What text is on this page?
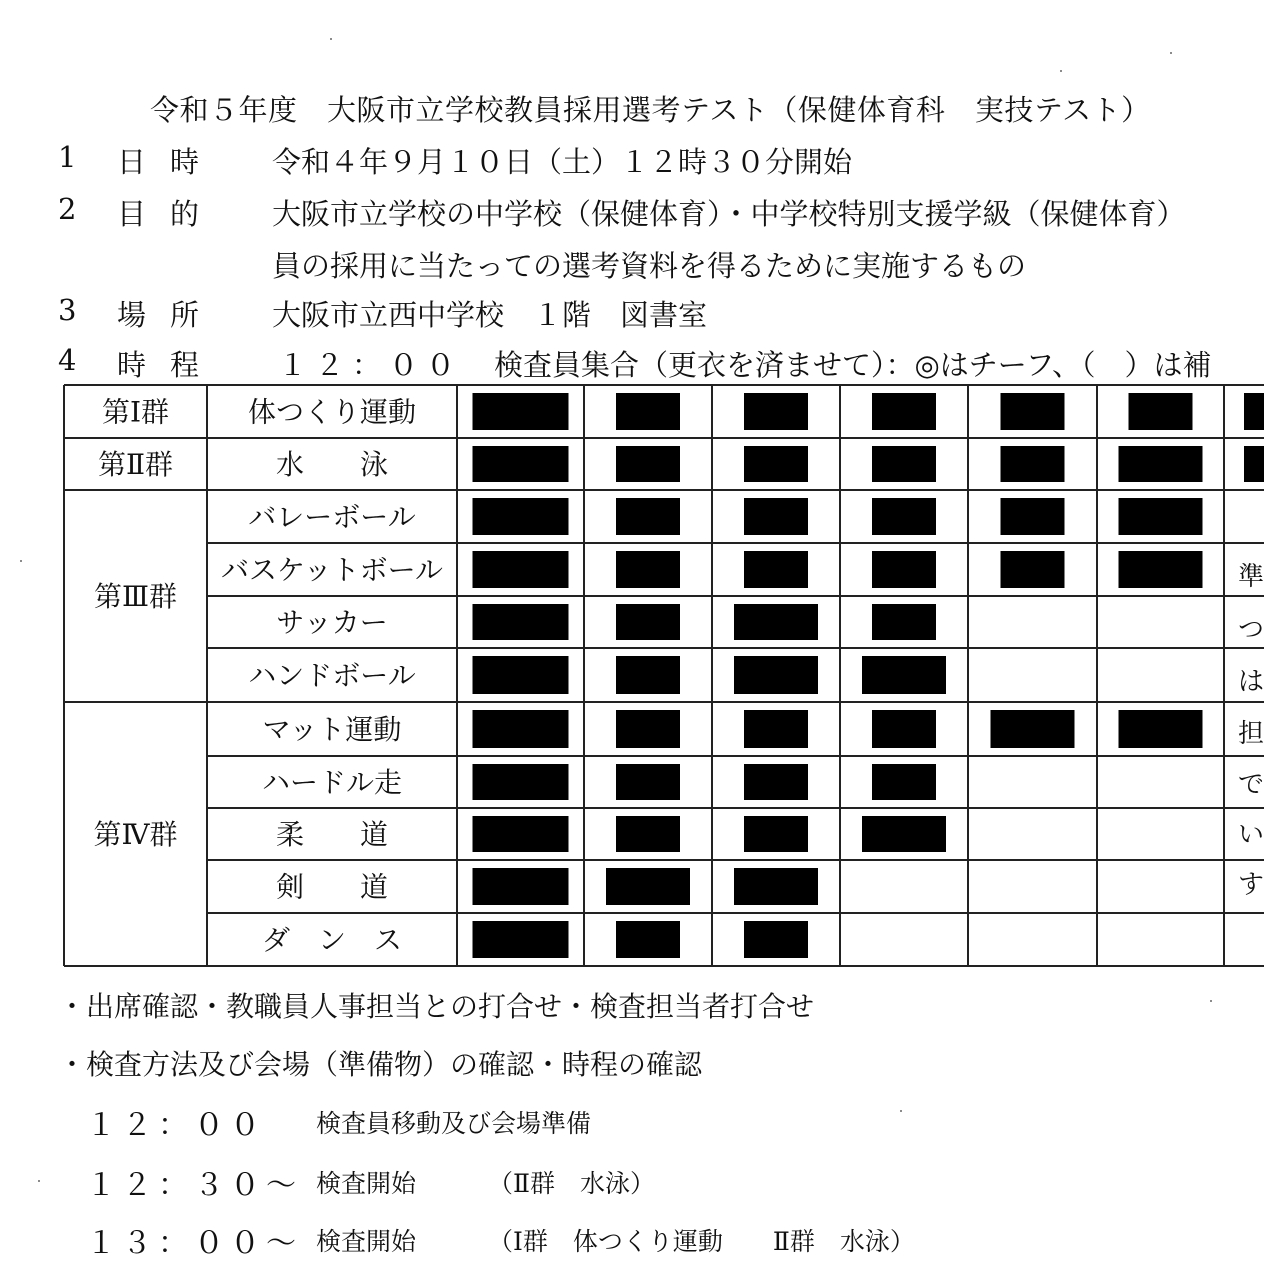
令和５年度　大阪市立学校教員採用選考テスト（保健体育科　実技テスト）
1 日時 令和４年９月１０日（土）１２時３０分開始
2 目的 大阪市立学校の中学校（保健体育）・中学校特別支援学級（保健体育）
員の採用に当たっての選考資料を得るために実施するもの
3 場所 大阪市立西中学校　１階　図書室
4 時程 １２：００ 検査員集合（更衣を済ませて）：◎はチーフ、（　）は補
体つくり運動
水　　泳
バレーボール
バスケットボール
サッカー
ハンドボール
マット運動
ハードル走
柔　　道
剣　　道
ダ　ン　ス
第Ⅰ群
第Ⅱ群
第Ⅲ群
第Ⅳ群
準
つ
は
担
で
い
す
・出席確認・教職員人事担当との打合せ・検査担当者打合せ
・検査方法及び会場（準備物）の確認・時程の確認
１２：００ 検査員移動及び会場準備
１２：３０～ 検査開始	（Ⅱ群　水泳）
１３：００～ 検査開始	（Ⅰ群　体つくり運動　　Ⅱ群　水泳）
